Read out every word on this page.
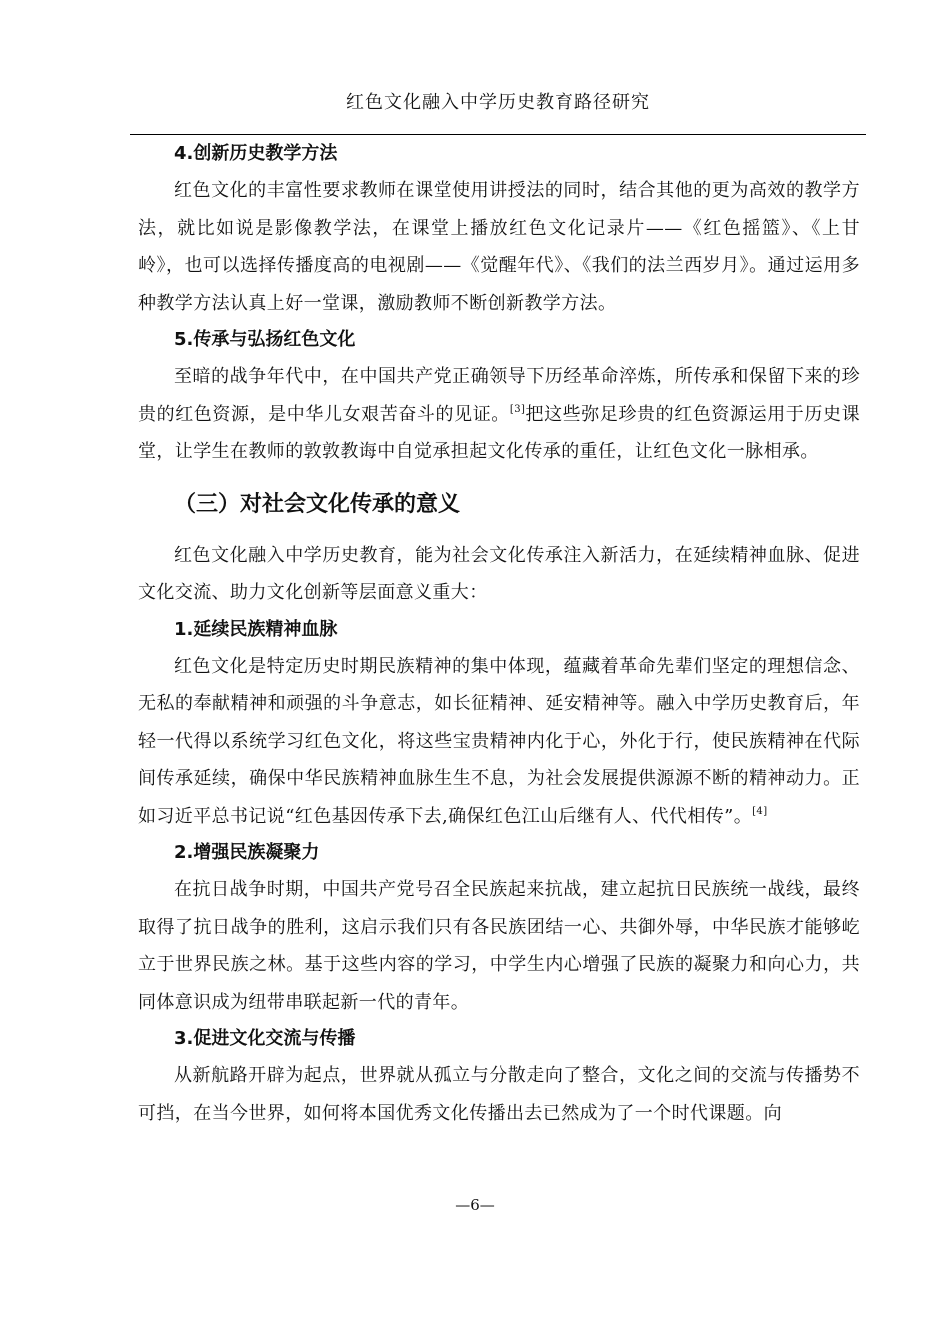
红色文化融入中学历史教育路径研究
4.创新历史教学方法

红色文化的丰富性要求教师在课堂使用讲授法的同时，结合其他的更为高效的教学方法，就比如说是影像教学法，在课堂上播放红色文化记录片——《红色摇篮》、《上甘岭》，也可以选择传播度高的电视剧——《觉醒年代》、《我们的法兰西岁月》。通过运用多种教学方法认真上好一堂课，激励教师不断创新教学方法。

5.传承与弘扬红色文化

至暗的战争年代中，在中国共产党正确领导下历经革命淬炼，所传承和保留下来的珍贵的红色资源，是中华儿女艰苦奋斗的见证。[3]把这些弥足珍贵的红色资源运用于历史课堂，让学生在教师的敦敦教诲中自觉承担起文化传承的重任，让红色文化一脉相承。

（三）对社会文化传承的意义

红色文化融入中学历史教育，能为社会文化传承注入新活力，在延续精神血脉、促进文化交流、助力文化创新等层面意义重大：

1.延续民族精神血脉

红色文化是特定历史时期民族精神的集中体现，蕴藏着革命先辈们坚定的理想信念、无私的奉献精神和顽强的斗争意志，如长征精神、延安精神等。融入中学历史教育后，年轻一代得以系统学习红色文化，将这些宝贵精神内化于心，外化于行，使民族精神在代际间传承延续，确保中华民族精神血脉生生不息，为社会发展提供源源不断的精神动力。正如习近平总书记说“红色基因传承下去,确保红色江山后继有人、代代相传”。[4]

2.增强民族凝聚力

在抗日战争时期，中国共产党号召全民族起来抗战，建立起抗日民族统一战线，最终取得了抗日战争的胜利，这启示我们只有各民族团结一心、共御外辱，中华民族才能够屹立于世界民族之林。基于这些内容的学习，中学生内心增强了民族的凝聚力和向心力，共同体意识成为纽带串联起新一代的青年。

3.促进文化交流与传播

从新航路开辟为起点，世界就从孤立与分散走向了整合，文化之间的交流与传播势不可挡，在当今世界，如何将本国优秀文化传播出去已然成为了一个时代课题。向

—6—
